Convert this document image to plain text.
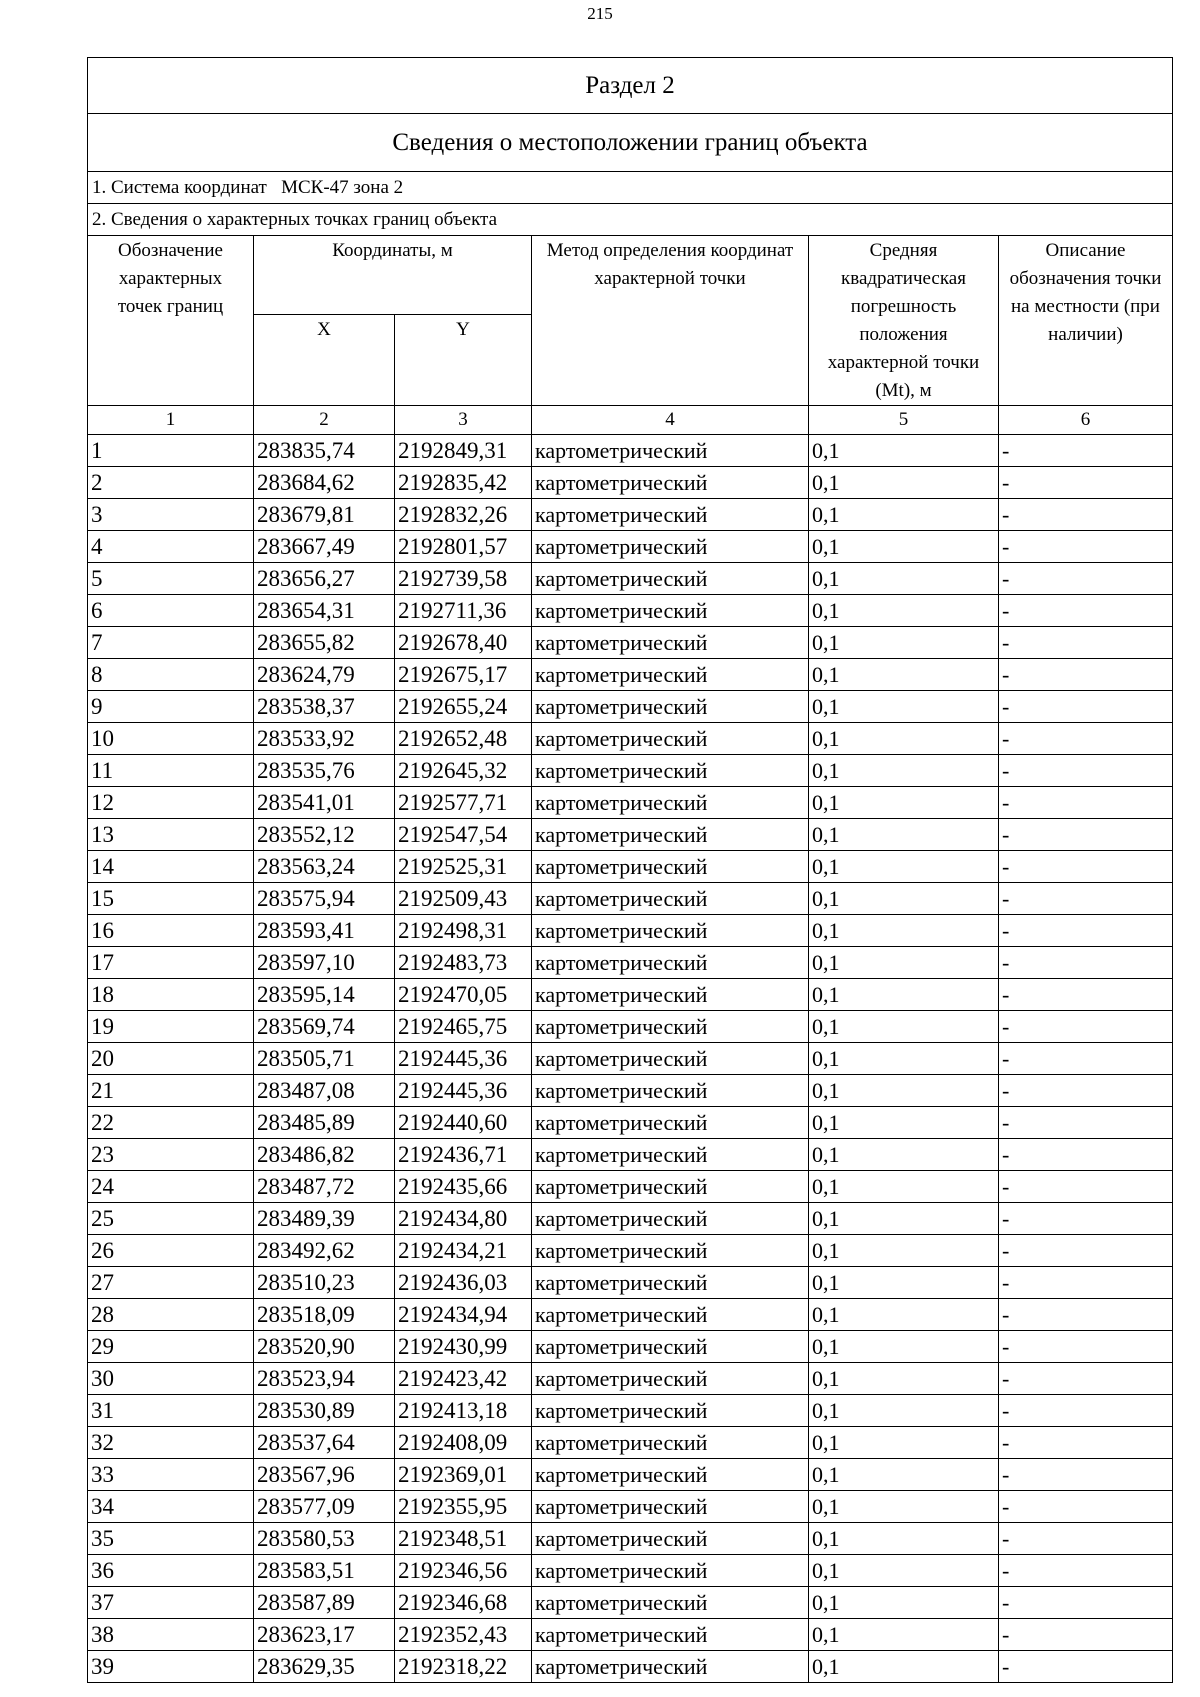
215
Раздел 2					
Сведения о местоположении границ объекта					
1. Система координат   МСК-47 зона 2					
2. Сведения о характерных точках границ объекта					
Обозначение характерных точек границ	Координаты, м		Метод определения координат характерной точки	Средняя квадратическая погрешность положения характерной точки (Mt), м	Описание обозначения точки на местности (при наличии)
	X	Y			
1	2	3	4	5	6
1	283835,74	2192849,31	картометрический	0,1	-
2	283684,62	2192835,42	картометрический	0,1	-
3	283679,81	2192832,26	картометрический	0,1	-
4	283667,49	2192801,57	картометрический	0,1	-
5	283656,27	2192739,58	картометрический	0,1	-
6	283654,31	2192711,36	картометрический	0,1	-
7	283655,82	2192678,40	картометрический	0,1	-
8	283624,79	2192675,17	картометрический	0,1	-
9	283538,37	2192655,24	картометрический	0,1	-
10	283533,92	2192652,48	картометрический	0,1	-
11	283535,76	2192645,32	картометрический	0,1	-
12	283541,01	2192577,71	картометрический	0,1	-
13	283552,12	2192547,54	картометрический	0,1	-
14	283563,24	2192525,31	картометрический	0,1	-
15	283575,94	2192509,43	картометрический	0,1	-
16	283593,41	2192498,31	картометрический	0,1	-
17	283597,10	2192483,73	картометрический	0,1	-
18	283595,14	2192470,05	картометрический	0,1	-
19	283569,74	2192465,75	картометрический	0,1	-
20	283505,71	2192445,36	картометрический	0,1	-
21	283487,08	2192445,36	картометрический	0,1	-
22	283485,89	2192440,60	картометрический	0,1	-
23	283486,82	2192436,71	картометрический	0,1	-
24	283487,72	2192435,66	картометрический	0,1	-
25	283489,39	2192434,80	картометрический	0,1	-
26	283492,62	2192434,21	картометрический	0,1	-
27	283510,23	2192436,03	картометрический	0,1	-
28	283518,09	2192434,94	картометрический	0,1	-
29	283520,90	2192430,99	картометрический	0,1	-
30	283523,94	2192423,42	картометрический	0,1	-
31	283530,89	2192413,18	картометрический	0,1	-
32	283537,64	2192408,09	картометрический	0,1	-
33	283567,96	2192369,01	картометрический	0,1	-
34	283577,09	2192355,95	картометрический	0,1	-
35	283580,53	2192348,51	картометрический	0,1	-
36	283583,51	2192346,56	картометрический	0,1	-
37	283587,89	2192346,68	картометрический	0,1	-
38	283623,17	2192352,43	картометрический	0,1	-
39	283629,35	2192318,22	картометрический	0,1	-
